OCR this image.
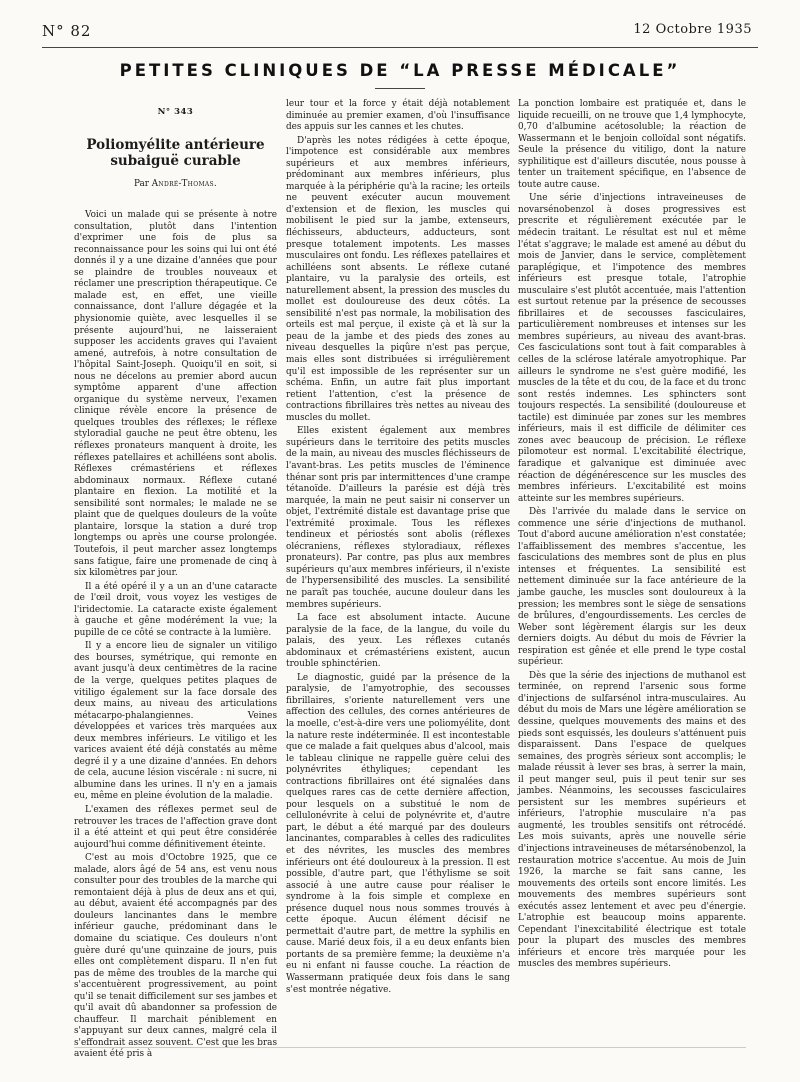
N° 82	12 Octobre 1935
PETITES CLINIQUES DE “LA PRESSE MÉDICALE”
N° 343
Poliomyélite antérieure
subaiguë curable
Par André-Thomas.

Voici un malade qui se présente à notre consultation, plutôt dans l'intention d'exprimer une fois de plus sa reconnaissance pour les soins qui lui ont été donnés il y a une dizaine d'années que pour se plaindre de troubles nouveaux et réclamer une prescription thérapeutique. Ce malade est, en effet, une vieille connaissance, dont l'allure dégagée et la physionomie quiète, avec lesquelles il se présente aujourd'hui, ne laisseraient supposer les accidents graves qui l'avaient amené, autrefois, à notre consultation de l'hôpital Saint-Joseph. Quoiqu'il en soit, si nous ne décelons au premier abord aucun symptôme apparent d'une affection organique du système nerveux, l'examen clinique révèle encore la présence de quelques troubles des réflexes; le réflexe styloradial gauche ne peut être obtenu, les réflexes pronateurs manquent à droite, les réflexes patellaires et achilléens sont abolis. Réflexes crémastériens et réflexes abdominaux normaux. Réflexe cutané plantaire en flexion. La motilité et la sensibilité sont normales; le malade ne se plaint que de quelques douleurs de la voûte plantaire, lorsque la station a duré trop longtemps ou après une course prolongée. Toutefois, il peut marcher assez longtemps sans fatigue, faire une promenade de cinq à six kilomètres par jour.

Il a été opéré il y a un an d'une cataracte de l'œil droit, vous voyez les vestiges de l'iridectomie. La cataracte existe également à gauche et gêne modérément la vue; la pupille de ce côté se contracte à la lumière.

Il y a encore lieu de signaler un vitiligo des bourses, symétrique, qui remonte en avant jusqu'à deux centimètres de la racine de la verge, quelques petites plaques de vitiligo également sur la face dorsale des deux mains, au niveau des articulations métacarpo-phalangiennes. Veines développées et varices très marquées aux deux membres inférieurs. Le vitiligo et les varices avaient été déjà constatés au même degré il y a une dizaine d'années. En dehors de cela, aucune lésion viscérale : ni sucre, ni albumine dans les urines. Il n'y en a jamais eu, même en pleine évolution de la maladie.

L'examen des réflexes permet seul de retrouver les traces de l'affection grave dont il a été atteint et qui peut être considérée aujourd'hui comme définitivement éteinte.

C'est au mois d'Octobre 1925, que ce malade, alors âgé de 54 ans, est venu nous consulter pour des troubles de la marche qui remontaient déjà à plus de deux ans et qui, au début, avaient été accompagnés par des douleurs lancinantes dans le membre inférieur gauche, prédominant dans le domaine du sciatique. Ces douleurs n'ont guère duré qu'une quinzaine de jours, puis elles ont complètement disparu. Il n'en fut pas de même des troubles de la marche qui s'accentuèrent progressivement, au point qu'il se tenait difficilement sur ses jambes et qu'il avait dû abandonner sa profession de chauffeur. Il marchait péniblement en s'appuyant sur deux cannes, malgré cela il s'effondrait assez souvent. C'est que les bras avaient été pris à

leur tour et la force y était déjà notablement diminuée au premier examen, d'où l'insuffisance des appuis sur les cannes et les chutes.

D'après les notes rédigées à cette époque, l'impotence est considérable aux membres supérieurs et aux membres inférieurs, prédominant aux membres inférieurs, plus marquée à la périphérie qu'à la racine; les orteils ne peuvent exécuter aucun mouvement d'extension et de flexion, les muscles qui mobilisent le pied sur la jambe, extenseurs, fléchisseurs, abducteurs, adducteurs, sont presque totalement impotents. Les masses musculaires ont fondu. Les réflexes patellaires et achilléens sont absents. Le réflexe cutané plantaire, vu la paralysie des orteils, est naturellement absent, la pression des muscles du mollet est douloureuse des deux côtés. La sensibilité n'est pas normale, la mobilisation des orteils est mal perçue, il existe çà et là sur la peau de la jambe et des pieds des zones au niveau desquelles la piqûre n'est pas perçue, mais elles sont distribuées si irrégulièrement qu'il est impossible de les représenter sur un schéma. Enfin, un autre fait plus important retient l'attention, c'est la présence de contractions fibrillaires très nettes au niveau des muscles du mollet.

Elles existent également aux membres supérieurs dans le territoire des petits muscles de la main, au niveau des muscles fléchisseurs de l'avant-bras. Les petits muscles de l'éminence thénar sont pris par intermittences d'une crampe tétanoïde. D'ailleurs la parésie est déjà très marquée, la main ne peut saisir ni conserver un objet, l'extrémité distale est davantage prise que l'extrémité proximale. Tous les réflexes tendineux et périostés sont abolis (réflexes olécraniens, réflexes styloradiaux, réflexes pronateurs). Par contre, pas plus aux membres supérieurs qu'aux membres inférieurs, il n'existe de l'hypersensibilité des muscles. La sensibilité ne paraît pas touchée, aucune douleur dans les membres supérieurs.

La face est absolument intacte. Aucune paralysie de la face, de la langue, du voile du palais, des yeux. Les réflexes cutanés abdominaux et crémastériens existent, aucun trouble sphinctérien.

Le diagnostic, guidé par la présence de la paralysie, de l'amyotrophie, des secousses fibrillaires, s'oriente naturellement vers une affection des cellules, des cornes antérieures de la moelle, c'est-à-dire vers une poliomyélite, dont la nature reste indéterminée. Il est incontestable que ce malade a fait quelques abus d'alcool, mais le tableau clinique ne rappelle guère celui des polynévrites éthyliques; cependant les contractions fibrillaires ont été signalées dans quelques rares cas de cette dernière affection, pour lesquels on a substitué le nom de cellulonévrite à celui de polynévrite et, d'autre part, le début a été marqué par des douleurs lancinantes, comparables à celles des radiculites et des névrites, les muscles des membres inférieurs ont été douloureux à la pression. Il est possible, d'autre part, que l'éthylisme se soit associé à une autre cause pour réaliser le syndrome à la fois simple et complexe en présence duquel nous nous sommes trouvés à cette époque. Aucun élément décisif ne permettait d'autre part, de mettre la syphilis en cause. Marié deux fois, il a eu deux enfants bien portants de sa première femme; la deuxième n'a eu ni enfant ni fausse couche. La réaction de Wassermann pratiquée deux fois dans le sang s'est montrée négative.

La ponction lombaire est pratiquée et, dans le liquide recueilli, on ne trouve que 1,4 lymphocyte, 0,70 d'albumine acétosoluble; la réaction de Wassermann et le benjoin colloïdal sont négatifs. Seule la présence du vitiligo, dont la nature syphilitique est d'ailleurs discutée, nous pousse à tenter un traitement spécifique, en l'absence de toute autre cause.

Une série d'injections intraveineuses de novarsénobenzol à doses progressives est prescrite et régulièrement exécutée par le médecin traitant. Le résultat est nul et même l'état s'aggrave; le malade est amené au début du mois de Janvier, dans le service, complètement paraplégique, et l'impotence des membres inférieurs est presque totale, l'atrophie musculaire s'est plutôt accentuée, mais l'attention est surtout retenue par la présence de secousses fibrillaires et de secousses fasciculaires, particulièrement nombreuses et intenses sur les membres supérieurs, au niveau des avant-bras. Ces fasciculations sont tout à fait comparables à celles de la sclérose latérale amyotrophique. Par ailleurs le syndrome ne s'est guère modifié, les muscles de la tête et du cou, de la face et du tronc sont restés indemnes. Les sphincters sont toujours respectés. La sensibilité (douloureuse et tactile) est diminuée par zones sur les membres inférieurs, mais il est difficile de délimiter ces zones avec beaucoup de précision. Le réflexe pilomoteur est normal. L'excitabilité électrique, faradique et galvanique est diminuée avec réaction de dégénérescence sur les muscles des membres inférieurs. L'excitabilité est moins atteinte sur les membres supérieurs.

Dès l'arrivée du malade dans le service on commence une série d'injections de muthanol. Tout d'abord aucune amélioration n'est constatée; l'affaiblissement des membres s'accentue, les fasciculations des membres sont de plus en plus intenses et fréquentes. La sensibilité est nettement diminuée sur la face antérieure de la jambe gauche, les muscles sont douloureux à la pression; les membres sont le siège de sensations de brûlures, d'engourdissements. Les cercles de Weber sont légèrement élargis sur les deux derniers doigts. Au début du mois de Février la respiration est gênée et elle prend le type costal supérieur.

Dès que la série des injections de muthanol est terminée, on reprend l'arsenic sous forme d'injections de sulfarsénol intra-musculaires. Au début du mois de Mars une légère amélioration se dessine, quelques mouvements des mains et des pieds sont esquissés, les douleurs s'atténuent puis disparaissent. Dans l'espace de quelques semaines, des progrès sérieux sont accomplis; le malade réussit à lever ses bras, à serrer la main, il peut manger seul, puis il peut tenir sur ses jambes. Néanmoins, les secousses fasciculaires persistent sur les membres supérieurs et inférieurs, l'atrophie musculaire n'a pas augmenté, les troubles sensitifs ont rétrocédé. Les mois suivants, après une nouvelle série d'injections intraveineuses de métarsénobenzol, la restauration motrice s'accentue. Au mois de Juin 1926, la marche se fait sans canne, les mouvements des orteils sont encore limités. Les mouvements des membres supérieurs sont exécutés assez lentement et avec peu d'énergie. L'atrophie est beaucoup moins apparente. Cependant l'inexcitabilité électrique est totale pour la plupart des muscles des membres inférieurs et encore très marquée pour les muscles des membres supérieurs.
